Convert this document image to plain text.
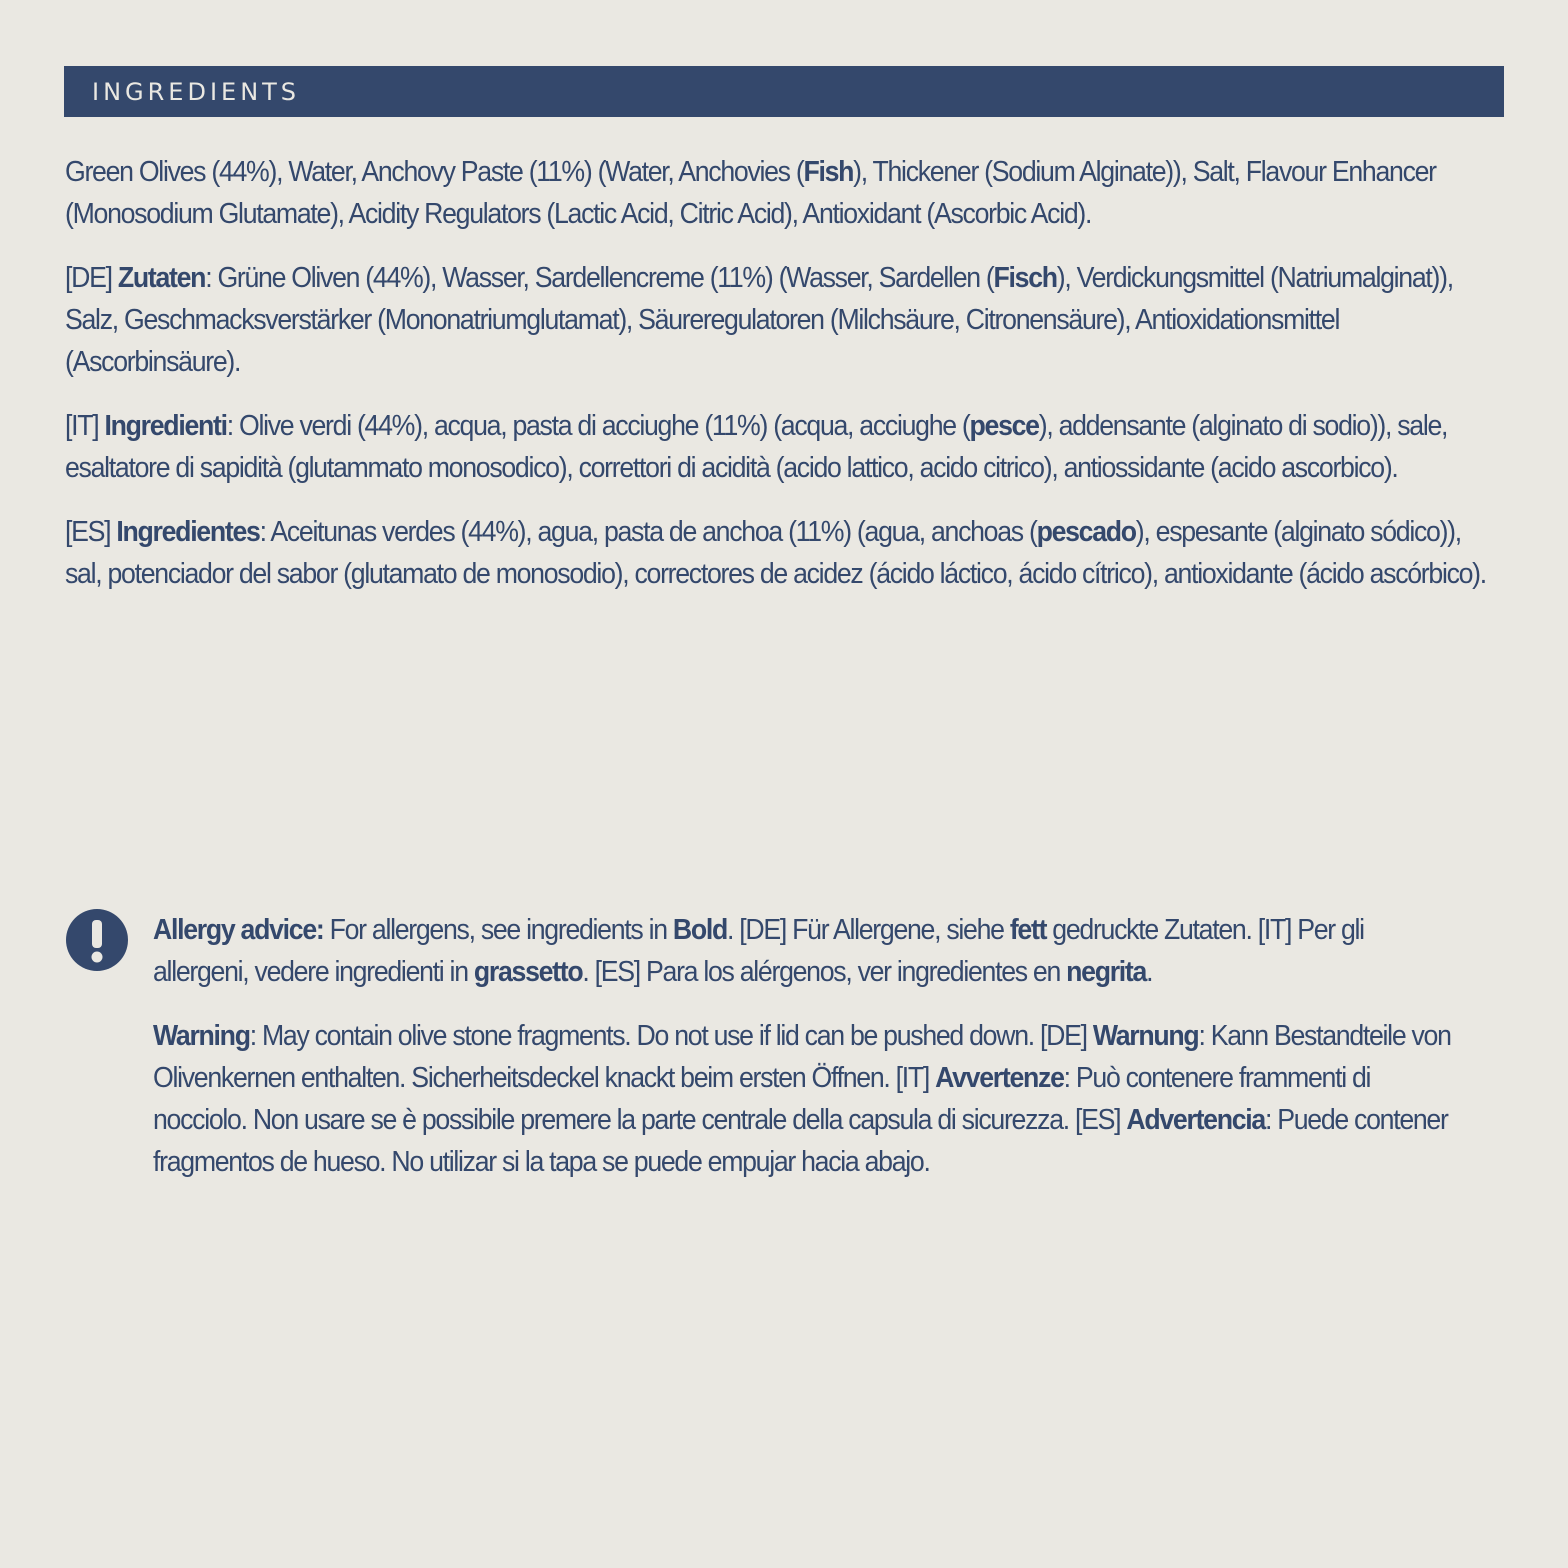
INGREDIENTS

Green Olives (44%), Water, Anchovy Paste (11%) (Water, Anchovies (Fish), Thickener (Sodium Alginate)), Salt, Flavour Enhancer (Monosodium Glutamate), Acidity Regulators (Lactic Acid, Citric Acid), Antioxidant (Ascorbic Acid).

[DE] Zutaten: Grüne Oliven (44%), Wasser, Sardellencreme (11%) (Wasser, Sardellen (Fisch), Verdickungsmittel (Natriumalginat)), Salz, Geschmacksverstärker (Mononatriumglutamat), Säureregulatoren (Milchsäure, Citronensäure), Antioxidationsmittel (Ascorbinsäure).

[IT] Ingredienti: Olive verdi (44%), acqua, pasta di acciughe (11%) (acqua, acciughe (pesce), addensante (alginato di sodio)), sale, esaltatore di sapidità (glutammato monosodico), correttori di acidità (acido lattico, acido citrico), antiossidante (acido ascorbico).

[ES] Ingredientes: Aceitunas verdes (44%), agua, pasta de anchoa (11%) (agua, anchoas (pescado), espesante (alginato sódico)), sal, potenciador del sabor (glutamato de monosodio), correctores de acidez (ácido láctico, ácido cítrico), antioxidante (ácido ascórbico).

Allergy advice: For allergens, see ingredients in Bold. [DE] Für Allergene, siehe fett gedruckte Zutaten. [IT] Per gli allergeni, vedere ingredienti in grassetto. [ES] Para los alérgenos, ver ingredientes en negrita.

Warning: May contain olive stone fragments. Do not use if lid can be pushed down. [DE] Warnung: Kann Bestandteile von Olivenkernen enthalten. Sicherheitsdeckel knackt beim ersten Öffnen. [IT] Avvertenze: Può contenere frammenti di nocciolo. Non usare se è possibile premere la parte centrale della capsula di sicurezza. [ES] Advertencia: Puede contener fragmentos de hueso. No utilizar si la tapa se puede empujar hacia abajo.
